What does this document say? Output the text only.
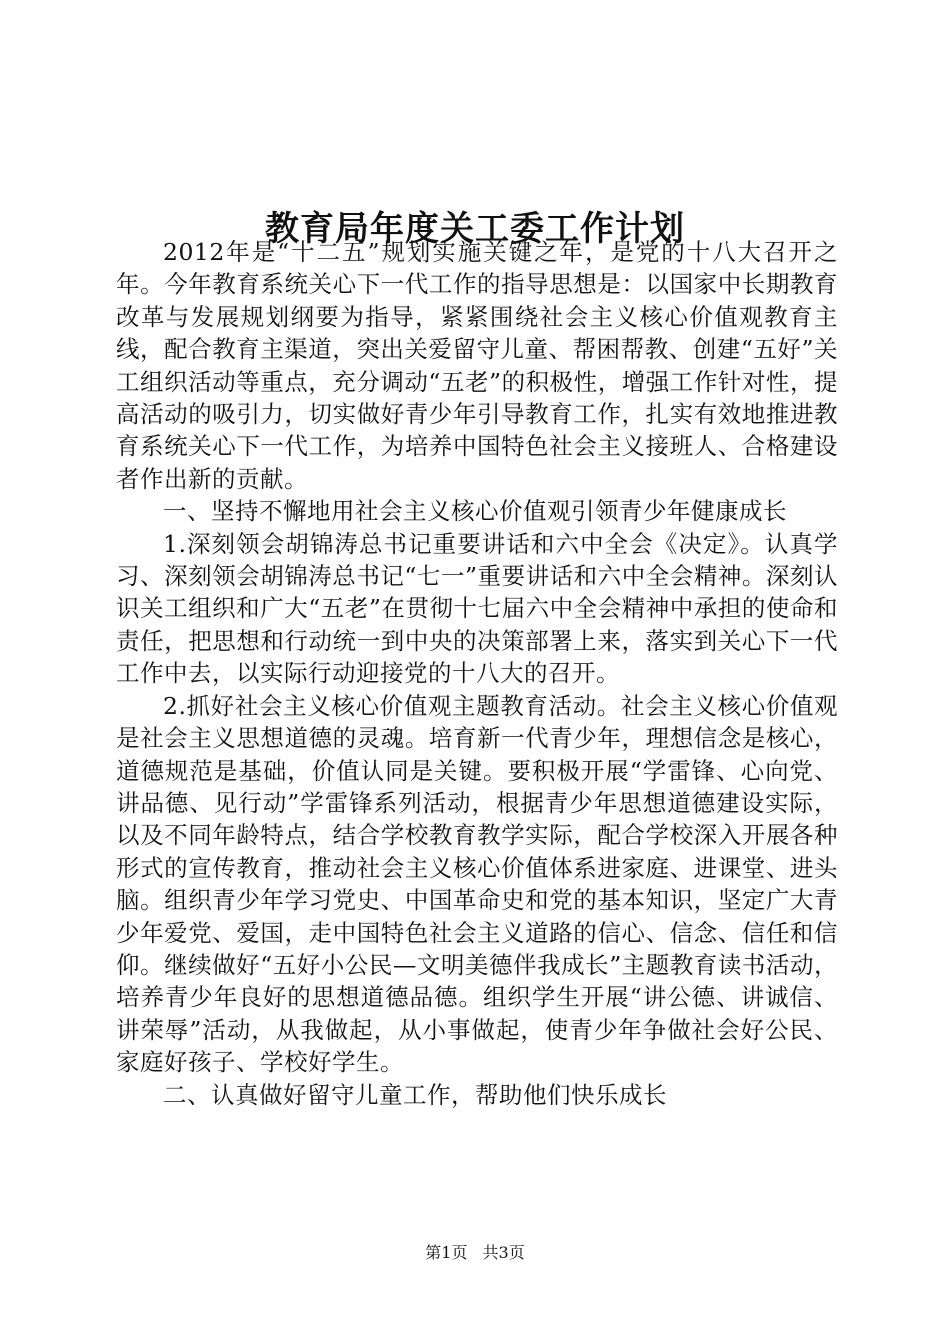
教育局年度关工委工作计划

2012年是“十二五”规划实施关键之年，是党的十八大召开之年。今年教育系统关心下一代工作的指导思想是：以国家中长期教育改革与发展规划纲要为指导，紧紧围绕社会主义核心价值观教育主线，配合教育主渠道，突出关爱留守儿童、帮困帮教、创建“五好”关工组织活动等重点，充分调动“五老”的积极性，增强工作针对性，提高活动的吸引力，切实做好青少年引导教育工作，扎实有效地推进教育系统关心下一代工作，为培养中国特色社会主义接班人、合格建设者作出新的贡献。

一、坚持不懈地用社会主义核心价值观引领青少年健康成长

1.深刻领会胡锦涛总书记重要讲话和六中全会《决定》。认真学习、深刻领会胡锦涛总书记“七一”重要讲话和六中全会精神。深刻认识关工组织和广大“五老”在贯彻十七届六中全会精神中承担的使命和责任，把思想和行动统一到中央的决策部署上来，落实到关心下一代工作中去，以实际行动迎接党的十八大的召开。

2.抓好社会主义核心价值观主题教育活动。社会主义核心价值观是社会主义思想道德的灵魂。培育新一代青少年，理想信念是核心，道德规范是基础，价值认同是关键。要积极开展“学雷锋、心向党、讲品德、见行动”学雷锋系列活动，根据青少年思想道德建设实际，以及不同年龄特点，结合学校教育教学实际，配合学校深入开展各种形式的宣传教育，推动社会主义核心价值体系进家庭、进课堂、进头脑。组织青少年学习党史、中国革命史和党的基本知识，坚定广大青少年爱党、爱国，走中国特色社会主义道路的信心、信念、信任和信仰。继续做好“五好小公民—文明美德伴我成长”主题教育读书活动，培养青少年良好的思想道德品德。组织学生开展“讲公德、讲诚信、讲荣辱”活动，从我做起，从小事做起，使青少年争做社会好公民、家庭好孩子、学校好学生。

二、认真做好留守儿童工作，帮助他们快乐成长

第1页 共3页
